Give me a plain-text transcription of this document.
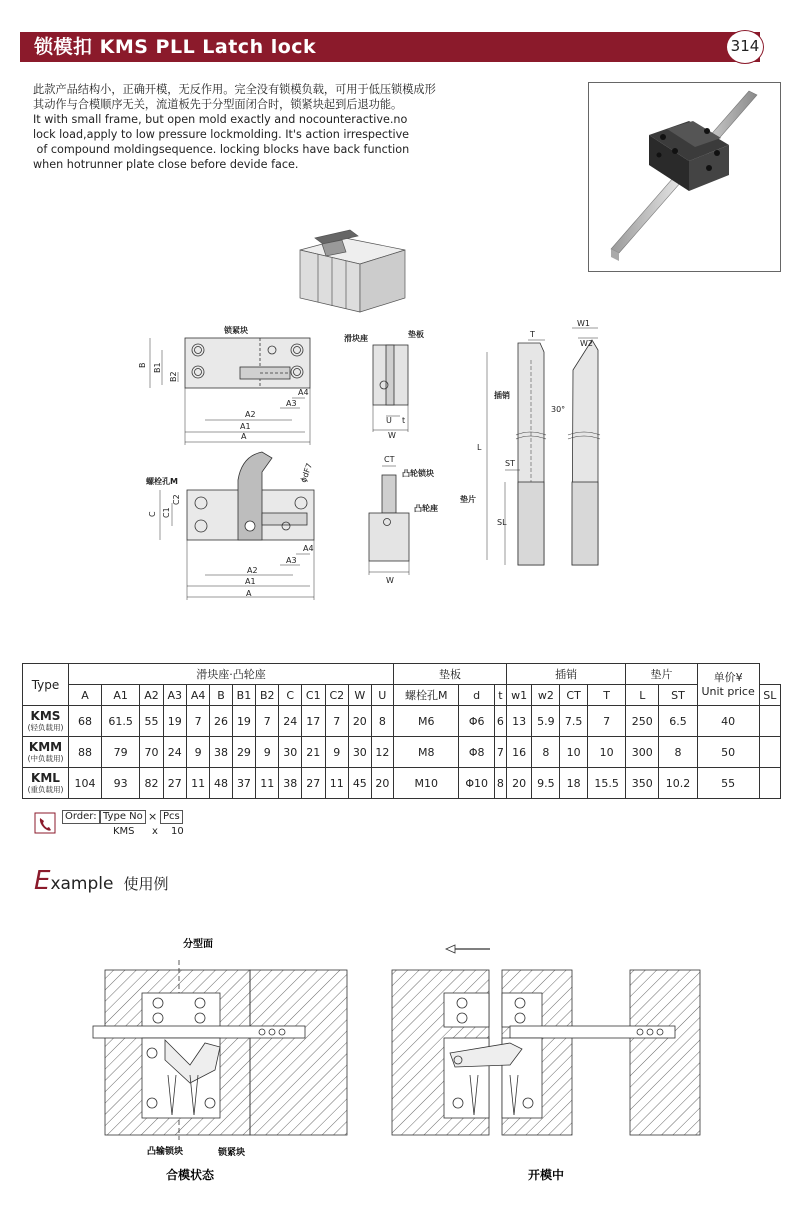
锁模扣 KMS PLL Latch lock	314

此款产品结构小，正确开模，无反作用。完全没有锁模负载，可用于低压锁模成形

其动作与合模顺序无关，流道板先于分型面闭合时，锁紧块起到后退功能。

It with small frame, but open mold exactly and nocounteractive.no

lock load,apply to low pressure lockmolding. It's action irrespective

of compound moldingsequence. locking blocks have back function

when hotrunner plate close before devide face.

锁紧块
A
A1
A2
A3
A4
B B1
B2
滑块座	垫板
U t
W
L
T
W1
W2
30°
插销
ST
SL
垫片
A
A1
A2
A3
A4
C C1
C2
螺栓孔M	ϕdF7
CT
凸轮锁块
凸轮座
W
Type	滑块座·凸轮座													垫板			插销				垫片		单价¥
Unit price	

	A	A1	A2	A3	A4	B	B1	B2	C	C1	C2	W	U	螺栓孔M	d	t	w1	w2	CT	T	L	ST		SL

KMS
(轻负载用)	68	61.5	55	19	7	26	19	7	24	17	7	20	8	M6	Φ6	6	13	5.9	7.5	7	250	6.5	40	

KMM
(中负载用)	88	79	70	24	9	38	29	9	30	21	9	30	12	M8	Φ8	7	16	8	10	10	300	8	50	

KML
(重负载用)	104	93	82	27	11	48	37	11	38	27	11	45	20	M10	Φ10	8	20	9.5	18	15.5	350	10.2	55	
Order: Type No × Pcs
KMS x 10
Example 使用例
分型面
凸输锁块	锁紧块
合模状态	开模中
